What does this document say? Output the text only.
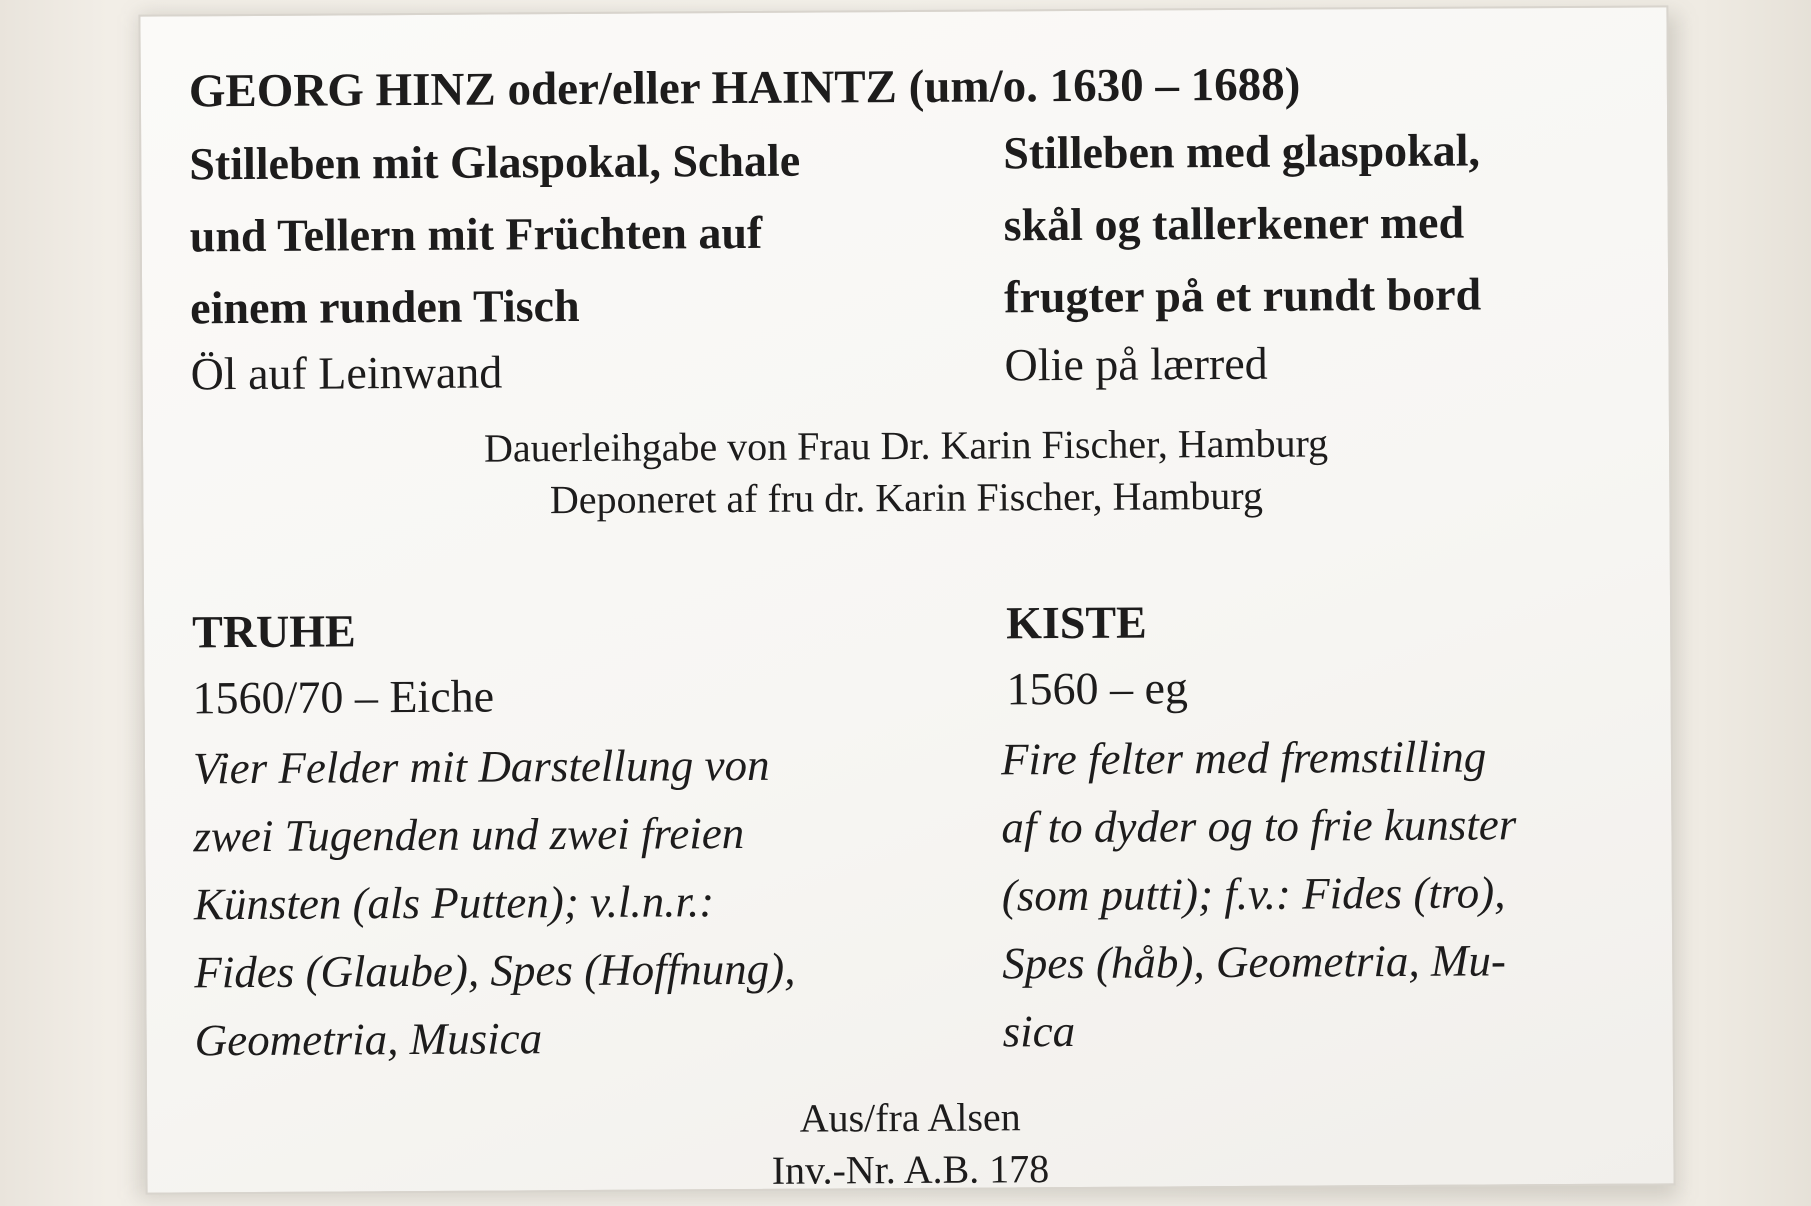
GEORG HINZ oder/eller HAINTZ (um/o. 1630 – 1688)
Stilleben mit Glaspokal, Schale
und Tellern mit Früchten auf
einem runden Tisch
Stilleben med glaspokal,
skål og tallerkener med
frugter på et rundt bord
Öl auf Leinwand	Olie på lærred
Dauerleihgabe von Frau Dr. Karin Fischer, Hamburg
Deponeret af fru dr. Karin Fischer, Hamburg
TRUHE	KISTE
1560/70 – Eiche	1560 – eg
Vier Felder mit Darstellung von
zwei Tugenden und zwei freien
Künsten (als Putten); v.l.n.r.:
Fides (Glaube), Spes (Hoffnung),
Geometria, Musica
Fire felter med fremstilling
af to dyder og to frie kunster
(som putti); f.v.: Fides (tro),
Spes (håb), Geometria, Mu-
sica
Aus/fra Alsen
Inv.-Nr. A.B. 178
